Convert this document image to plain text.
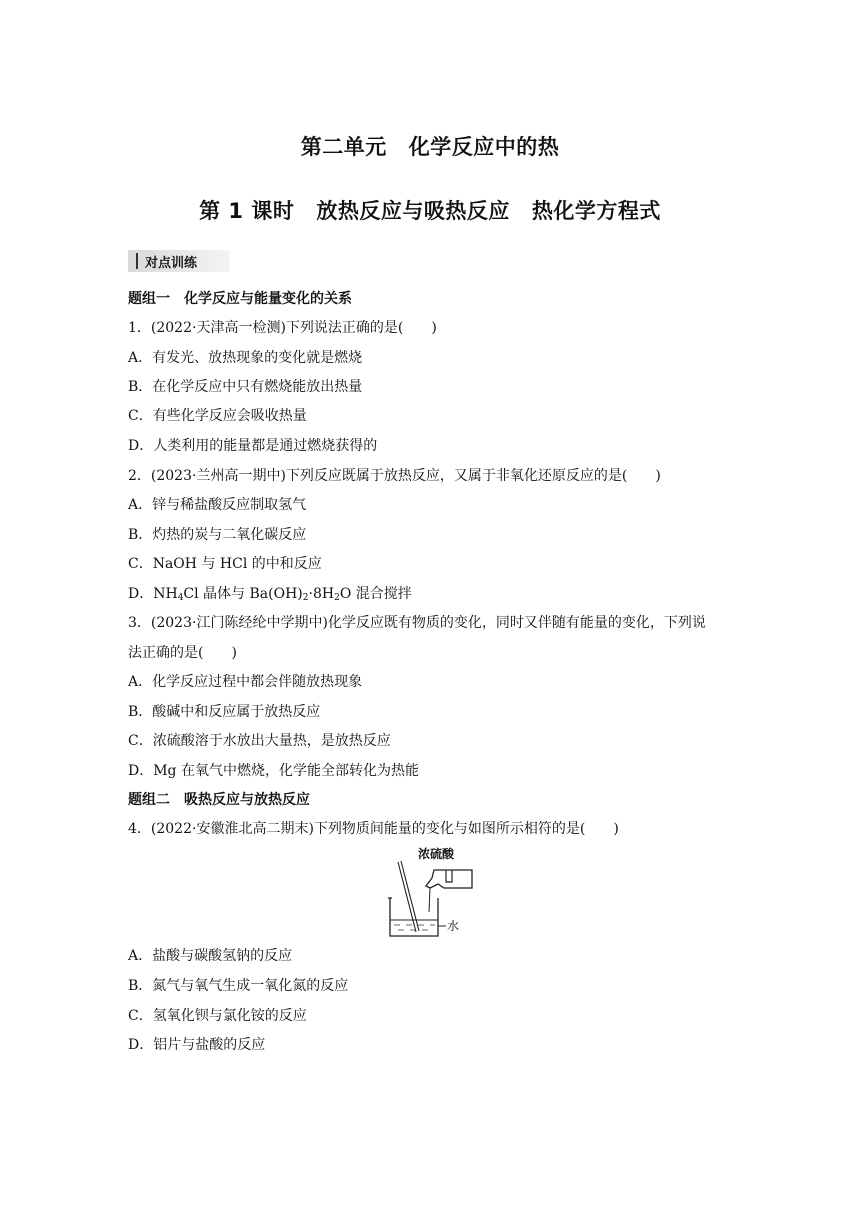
第二单元 化学反应中的热
第 1 课时 放热反应与吸热反应 热化学方程式
对点训练
题组一 化学反应与能量变化的关系
1．(2022·天津高一检测)下列说法正确的是(　　)
A．有发光、放热现象的变化就是燃烧
B．在化学反应中只有燃烧能放出热量
C．有些化学反应会吸收热量
D．人类利用的能量都是通过燃烧获得的
2．(2023·兰州高一期中)下列反应既属于放热反应，又属于非氧化还原反应的是(　　)
A．锌与稀盐酸反应制取氢气
B．灼热的炭与二氧化碳反应
C．NaOH 与 HCl 的中和反应
D．$NH_4Cl$ 晶体与 $Ba(OH)_2\cdot 8H_2O$ 混合搅拌
3．(2023·江门陈经纶中学期中)化学反应既有物质的变化，同时又伴随有能量的变化，下列说
法正确的是(　　)
A．化学反应过程中都会伴随放热现象
B．酸碱中和反应属于放热反应
C．浓硫酸溶于水放出大量热，是放热反应
D．Mg 在氧气中燃烧，化学能全部转化为热能
题组二 吸热反应与放热反应
4．(2022·安徽淮北高二期末)下列物质间能量的变化与如图所示相符的是(　　)
浓硫酸
水
A．盐酸与碳酸氢钠的反应
B．氮气与氧气生成一氧化氮的反应
C．氢氧化钡与氯化铵的反应
D．铝片与盐酸的反应
